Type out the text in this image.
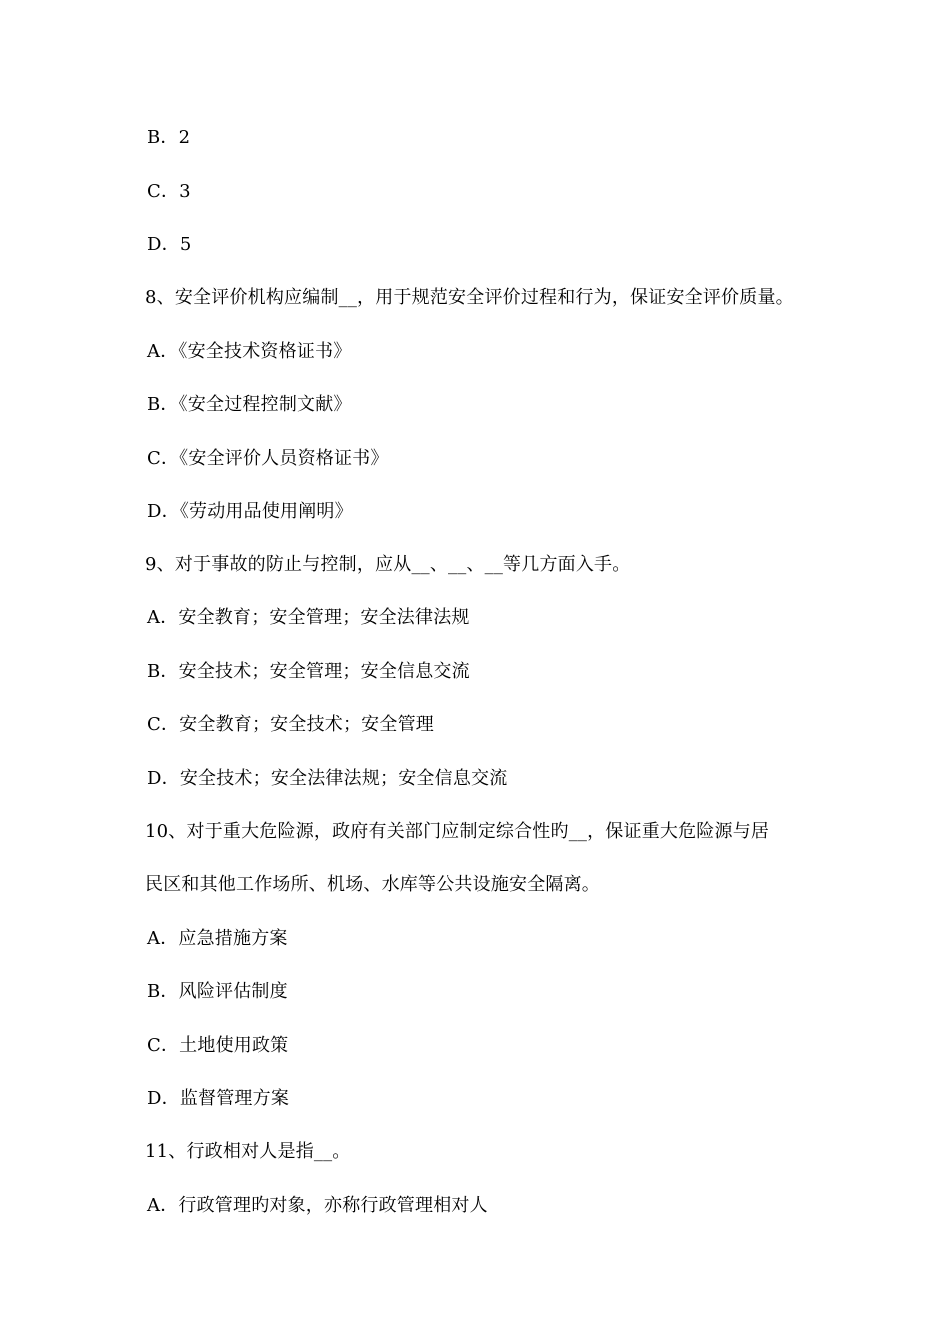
B．2
C．3
D．5
8、安全评价机构应编制__，用于规范安全评价过程和行为，保证安全评价质量。
A．《安全技术资格证书》
B．《安全过程控制文献》
C．《安全评价人员资格证书》
D．《劳动用品使用阐明》
9、对于事故的防止与控制，应从__、__、__等几方面入手。
A．安全教育；安全管理；安全法律法规
B．安全技术；安全管理；安全信息交流
C．安全教育；安全技术；安全管理
D．安全技术；安全法律法规；安全信息交流
10、对于重大危险源，政府有关部门应制定综合性旳__，保证重大危险源与居
民区和其他工作场所、机场、水库等公共设施安全隔离。
A．应急措施方案
B．风险评估制度
C．土地使用政策
D．监督管理方案
11、行政相对人是指__。
A．行政管理旳对象，亦称行政管理相对人
